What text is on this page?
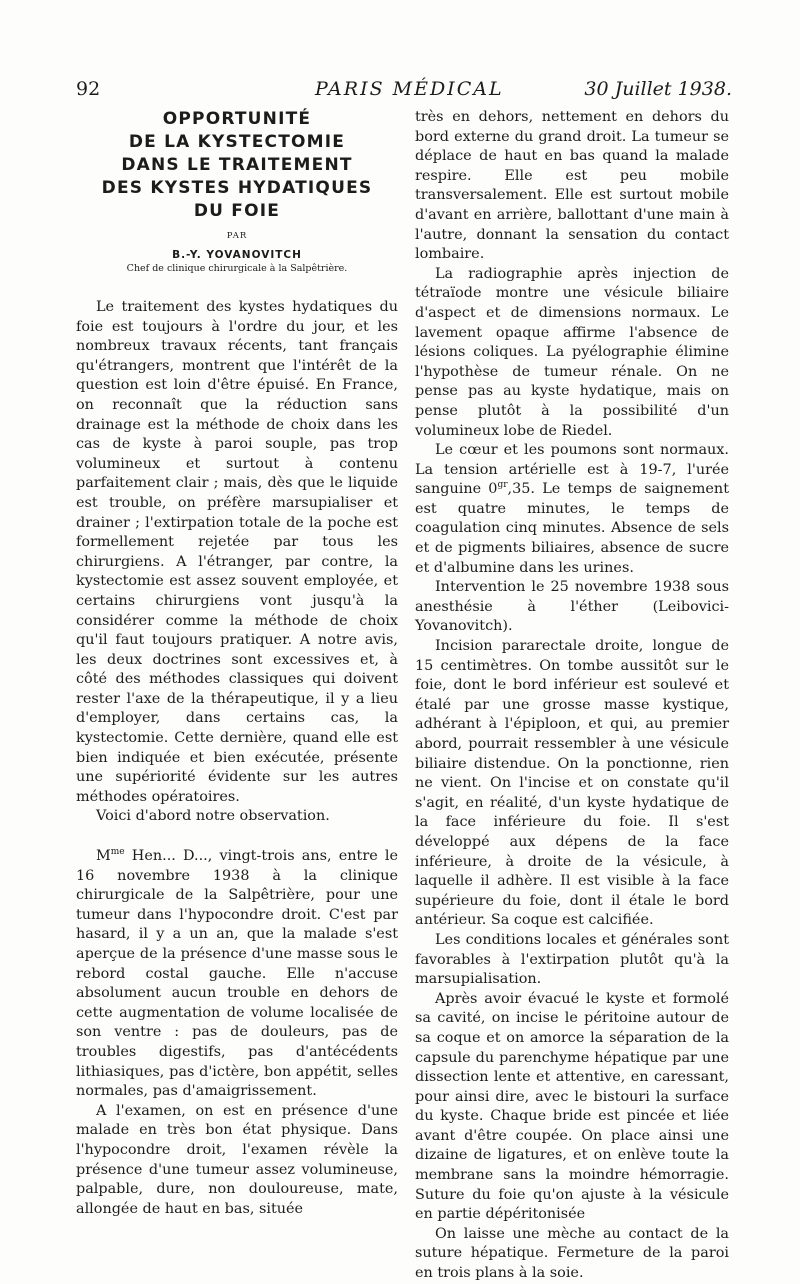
92	PARIS MÉDICAL	30 Juillet 1938.
OPPORTUNITÉ
DE LA KYSTECTOMIE
DANS LE TRAITEMENT
DES KYSTES HYDATIQUES
DU FOIE
PAR
B.-Y. YOVANOVITCH
Chef de clinique chirurgicale à la Salpêtrière.

Le traitement des kystes hydatiques du foie est toujours à l'ordre du jour, et les nombreux travaux récents, tant français qu'étrangers, montrent que l'intérêt de la question est loin d'être épuisé. En France, on reconnaît que la réduction sans drainage est la méthode de choix dans les cas de kyste à paroi souple, pas trop volumineux et surtout à contenu parfaitement clair ; mais, dès que le liquide est trouble, on préfère marsupialiser et drainer ; l'extirpation totale de la poche est formellement rejetée par tous les chirurgiens. A l'étranger, par contre, la kystectomie est assez souvent employée, et certains chirurgiens vont jusqu'à la considérer comme la méthode de choix qu'il faut toujours pratiquer. A notre avis, les deux doctrines sont excessives et, à côté des méthodes classiques qui doivent rester l'axe de la thérapeutique, il y a lieu d'employer, dans certains cas, la kystectomie. Cette dernière, quand elle est bien indiquée et bien exécutée, présente une supériorité évidente sur les autres méthodes opératoires.

Voici d'abord notre observation.

$M^{me}$ Hen... D..., vingt-trois ans, entre le 16 novembre 1938 à la clinique chirurgicale de la Salpêtrière, pour une tumeur dans l'hypocondre droit. C'est par hasard, il y a un an, que la malade s'est aperçue de la présence d'une masse sous le rebord costal gauche. Elle n'accuse absolument aucun trouble en dehors de cette augmentation de volume localisée de son ventre : pas de douleurs, pas de troubles digestifs, pas d'antécédents lithiasiques, pas d'ictère, bon appétit, selles normales, pas d'amaigrissement.

A l'examen, on est en présence d'une malade en très bon état physique. Dans l'hypocondre droit, l'examen révèle la présence d'une tumeur assez volumineuse, palpable, dure, non douloureuse, mate, allongée de haut en bas, située

très en dehors, nettement en dehors du bord externe du grand droit. La tumeur se déplace de haut en bas quand la malade respire. Elle est peu mobile transversalement. Elle est surtout mobile d'avant en arrière, ballottant d'une main à l'autre, donnant la sensation du contact lombaire.

La radiographie après injection de tétraïode montre une vésicule biliaire d'aspect et de dimensions normaux. Le lavement opaque affirme l'absence de lésions coliques. La pyélographie élimine l'hypothèse de tumeur rénale. On ne pense pas au kyste hydatique, mais on pense plutôt à la possibilité d'un volumineux lobe de Riedel.

Le cœur et les poumons sont normaux. La tension artérielle est à 19-7, l'urée sanguine $0^{gr},35$. Le temps de saignement est quatre minutes, le temps de coagulation cinq minutes. Absence de sels et de pigments biliaires, absence de sucre et d'albumine dans les urines.

Intervention le 25 novembre 1938 sous anesthésie à l'éther (Leibovici-Yovanovitch).

Incision pararectale droite, longue de 15 centimètres. On tombe aussitôt sur le foie, dont le bord inférieur est soulevé et étalé par une grosse masse kystique, adhérant à l'épiploon, et qui, au premier abord, pourrait ressembler à une vésicule biliaire distendue. On la ponctionne, rien ne vient. On l'incise et on constate qu'il s'agit, en réalité, d'un kyste hydatique de la face inférieure du foie. Il s'est développé aux dépens de la face inférieure, à droite de la vésicule, à laquelle il adhère. Il est visible à la face supérieure du foie, dont il étale le bord antérieur. Sa coque est calcifiée.

Les conditions locales et générales sont favorables à l'extirpation plutôt qu'à la marsupialisation.

Après avoir évacué le kyste et formolé sa cavité, on incise le péritoine autour de sa coque et on amorce la séparation de la capsule du parenchyme hépatique par une dissection lente et attentive, en caressant, pour ainsi dire, avec le bistouri la surface du kyste. Chaque bride est pincée et liée avant d'être coupée. On place ainsi une dizaine de ligatures, et on enlève toute la membrane sans la moindre hémorragie. Suture du foie qu'on ajuste à la vésicule en partie dépéritonisée

On laisse une mèche au contact de la suture hépatique. Fermeture de la paroi en trois plans à la soie.
